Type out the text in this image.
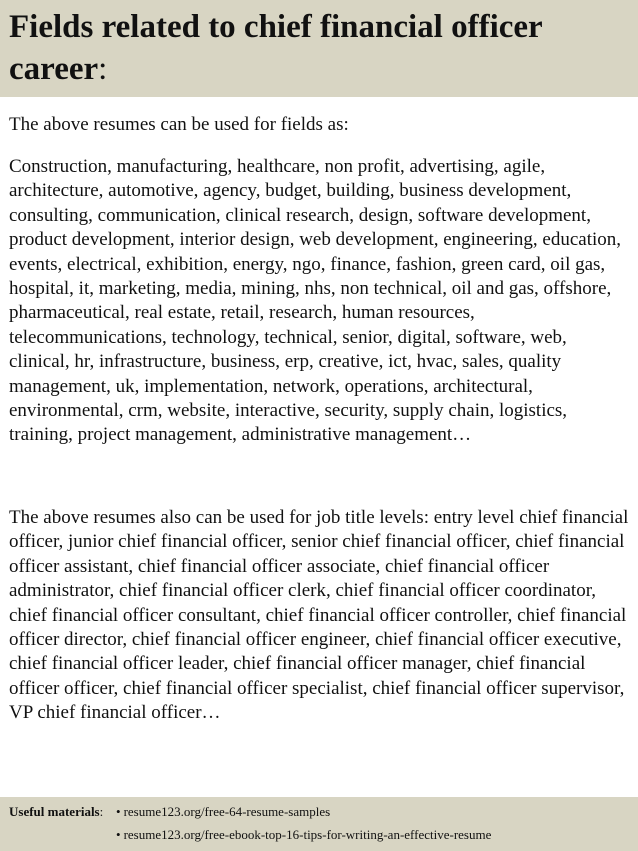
Fields related to chief financial officer career:

The above resumes can be used for fields as:

Construction, manufacturing, healthcare, non profit, advertising, agile, architecture, automotive, agency, budget, building, business development, consulting, communication, clinical research, design, software development, product development, interior design, web development, engineering, education, events, electrical, exhibition, energy, ngo, finance, fashion, green card, oil gas, hospital, it, marketing, media, mining, nhs, non technical, oil and gas, offshore, pharmaceutical, real estate, retail, research, human resources, telecommunications, technology, technical, senior, digital, software, web, clinical, hr, infrastructure, business, erp, creative, ict, hvac, sales, quality management, uk, implementation, network, operations, architectural, environmental, crm, website, interactive, security, supply chain, logistics, training, project management, administrative management…

The above resumes also can be used for job title levels: entry level chief financial officer, junior chief financial officer, senior chief financial officer, chief financial officer assistant, chief financial officer associate, chief financial officer administrator, chief financial officer clerk, chief financial officer coordinator, chief financial officer consultant, chief financial officer controller, chief financial officer director, chief financial officer engineer, chief financial officer executive, chief financial officer leader, chief financial officer manager, chief financial officer officer, chief financial officer specialist, chief financial officer supervisor, VP chief financial officer…

Useful materials: • resume123.org/free-64-resume-samples
• resume123.org/free-ebook-top-16-tips-for-writing-an-effective-resume
